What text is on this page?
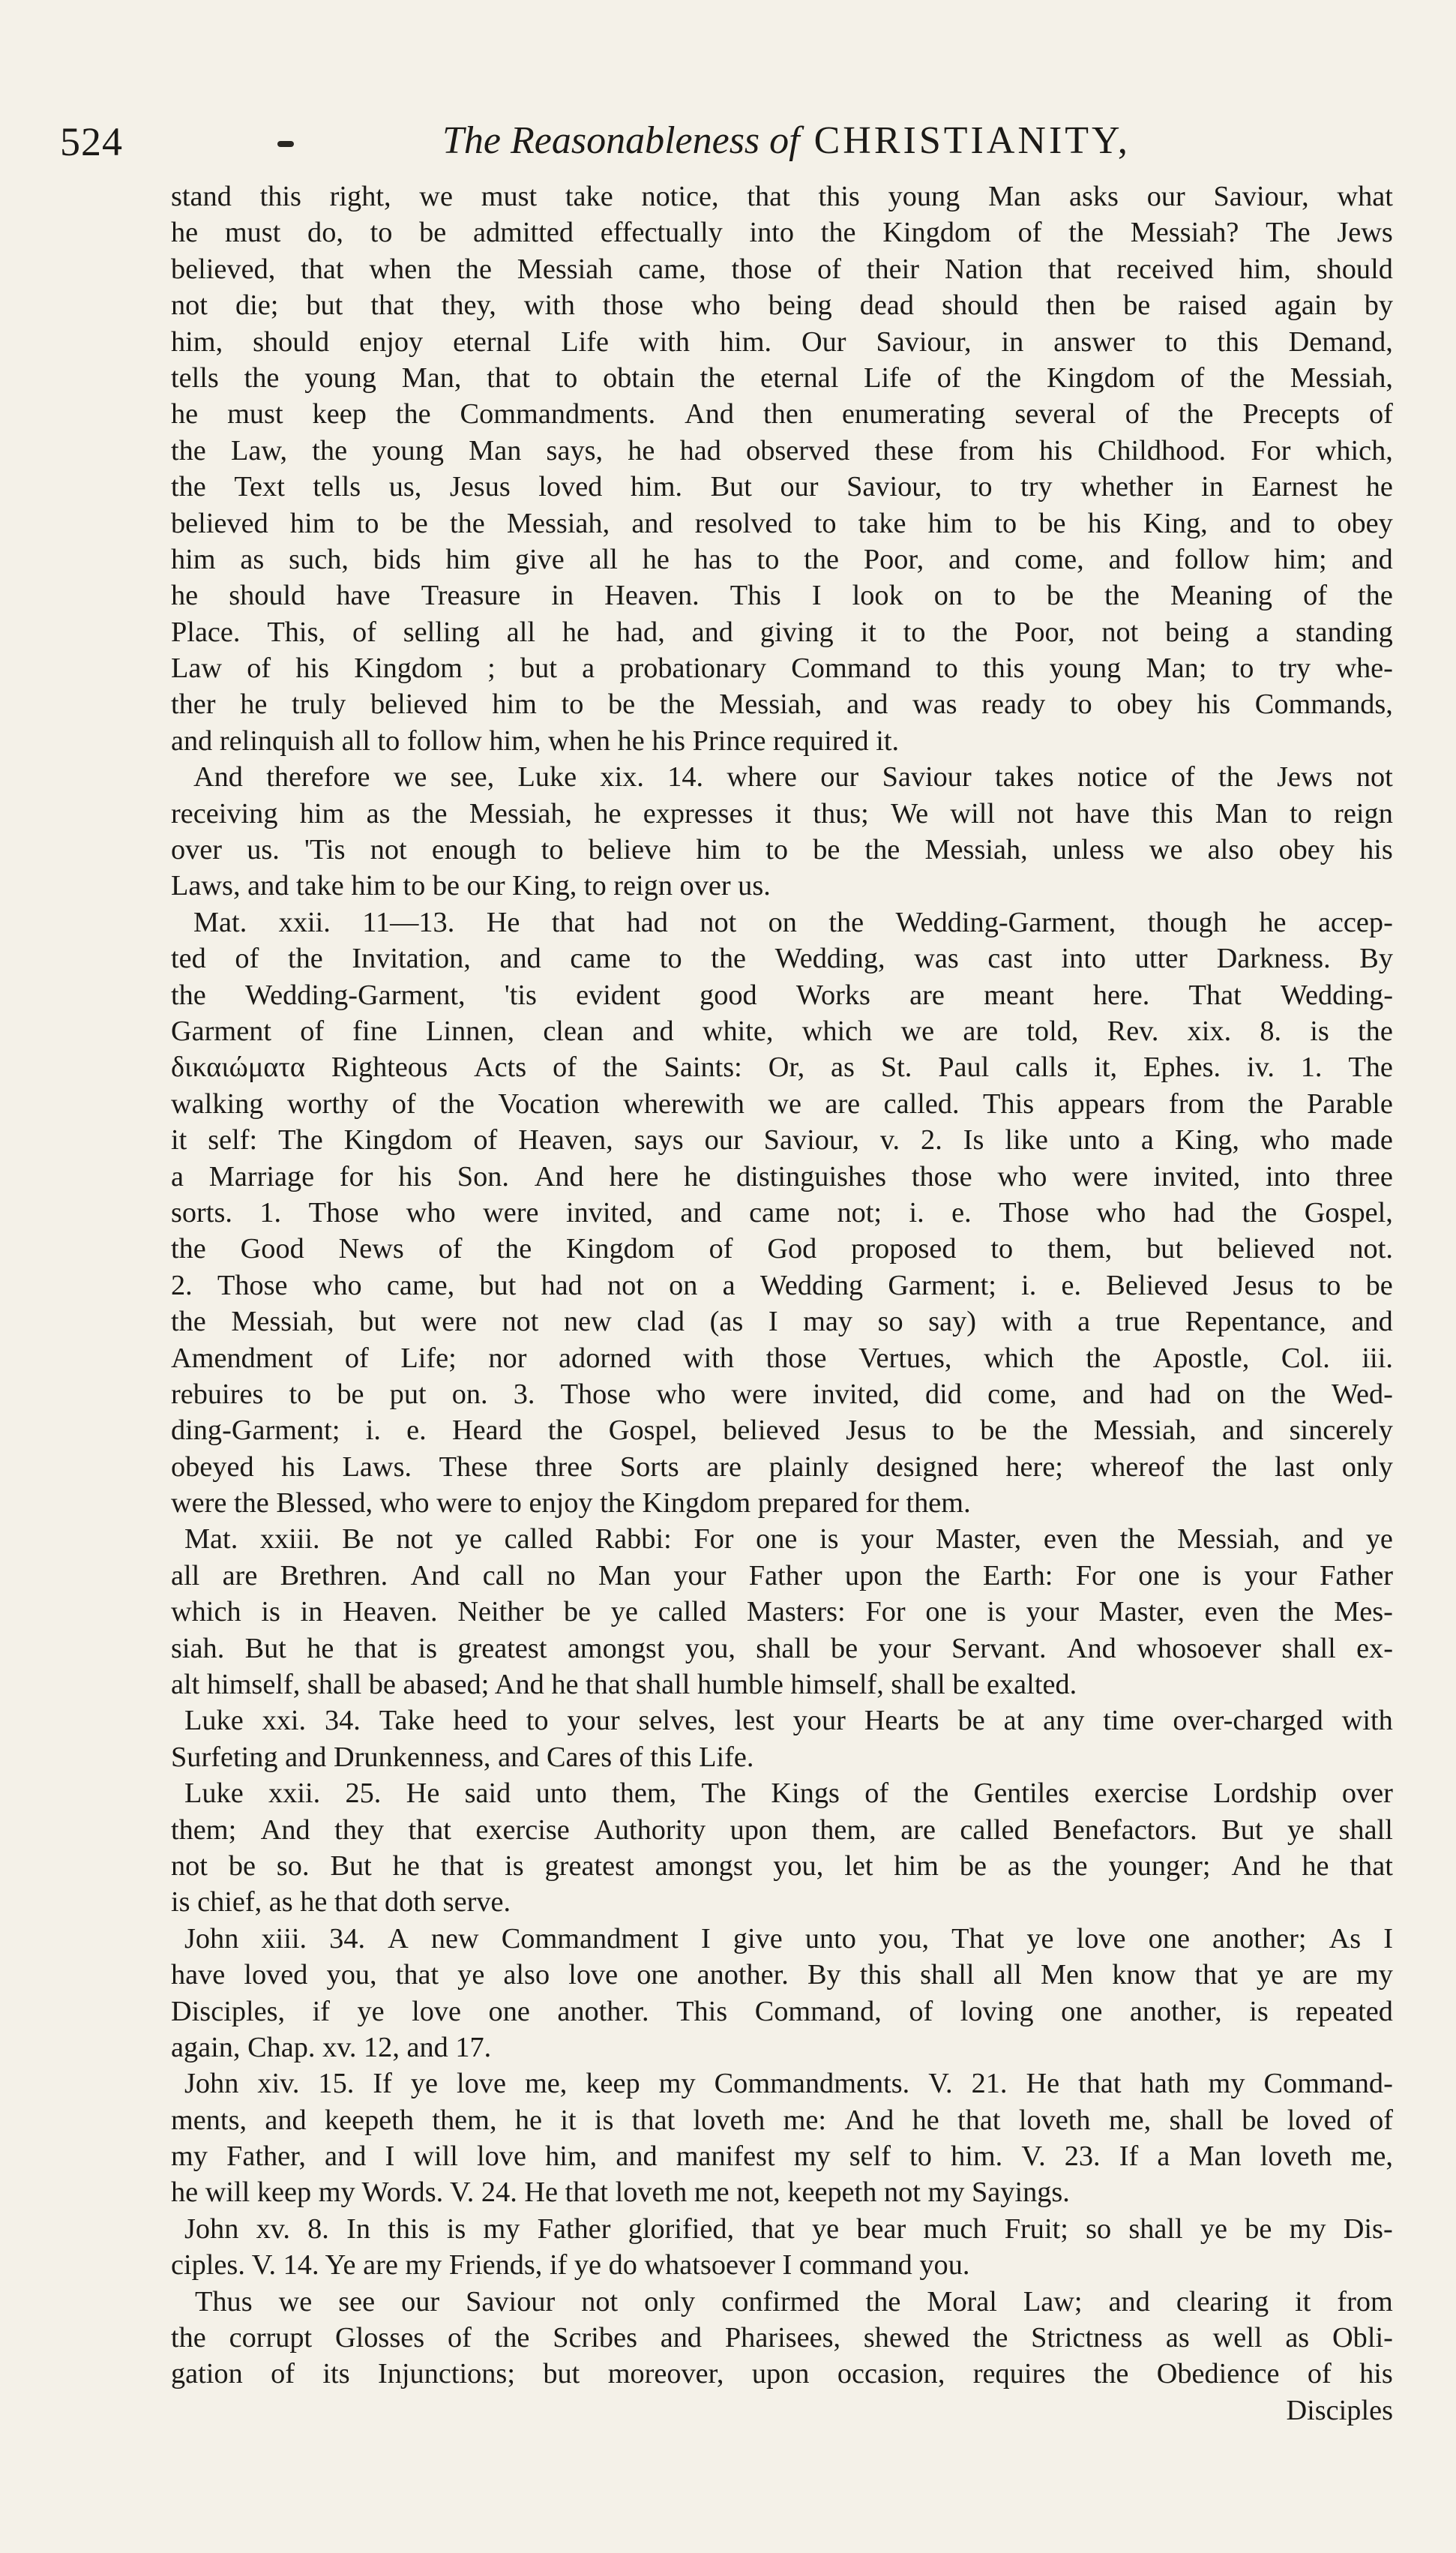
524	The Reasonableness of CHRISTIANITY,
stand this right, we must take notice, that this young Man asks our Saviour, what
he must do, to be admitted effectually into the Kingdom of the Messiah? The Jews
believed, that when the Messiah came, those of their Nation that received him, should
not die; but that they, with those who being dead should then be raised again by
him, should enjoy eternal Life with him. Our Saviour, in answer to this Demand,
tells the young Man, that to obtain the eternal Life of the Kingdom of the Messiah,
he must keep the Commandments. And then enumerating several of the Precepts of
the Law, the young Man says, he had observed these from his Childhood. For which,
the Text tells us, Jesus loved him. But our Saviour, to try whether in Earnest he
believed him to be the Messiah, and resolved to take him to be his King, and to obey
him as such, bids him give all he has to the Poor, and come, and follow him; and
he should have Treasure in Heaven. This I look on to be the Meaning of the
Place. This, of selling all he had, and giving it to the Poor, not being a standing
Law of his Kingdom ; but a probationary Command to this young Man; to try whe-
ther he truly believed him to be the Messiah, and was ready to obey his Commands,
and relinquish all to follow him, when he his Prince required it.
And therefore we see, Luke xix. 14. where our Saviour takes notice of the Jews not
receiving him as the Messiah, he expresses it thus; We will not have this Man to reign
over us. 'Tis not enough to believe him to be the Messiah, unless we also obey his
Laws, and take him to be our King, to reign over us.
Mat. xxii. 11—13. He that had not on the Wedding-Garment, though he accep-
ted of the Invitation, and came to the Wedding, was cast into utter Darkness. By
the Wedding-Garment, 'tis evident good Works are meant here. That Wedding-
Garment of fine Linnen, clean and white, which we are told, Rev. xix. 8. is the
δικαιώματα Righteous Acts of the Saints: Or, as St. Paul calls it, Ephes. iv. 1. The
walking worthy of the Vocation wherewith we are called. This appears from the Parable
it self: The Kingdom of Heaven, says our Saviour, v. 2. Is like unto a King, who made
a Marriage for his Son. And here he distinguishes those who were invited, into three
sorts. 1. Those who were invited, and came not; i. e. Those who had the Gospel,
the Good News of the Kingdom of God proposed to them, but believed not.
2. Those who came, but had not on a Wedding Garment; i. e. Believed Jesus to be
the Messiah, but were not new clad (as I may so say) with a true Repentance, and
Amendment of Life; nor adorned with those Vertues, which the Apostle, Col. iii.
rebuires to be put on. 3. Those who were invited, did come, and had on the Wed-
ding-Garment; i. e. Heard the Gospel, believed Jesus to be the Messiah, and sincerely
obeyed his Laws. These three Sorts are plainly designed here; whereof the last only
were the Blessed, who were to enjoy the Kingdom prepared for them.
Mat. xxiii. Be not ye called Rabbi: For one is your Master, even the Messiah, and ye
all are Brethren. And call no Man your Father upon the Earth: For one is your Father
which is in Heaven. Neither be ye called Masters: For one is your Master, even the Mes-
siah. But he that is greatest amongst you, shall be your Servant. And whosoever shall ex-
alt himself, shall be abased; And he that shall humble himself, shall be exalted.
Luke xxi. 34. Take heed to your selves, lest your Hearts be at any time over-charged with
Surfeting and Drunkenness, and Cares of this Life.
Luke xxii. 25. He said unto them, The Kings of the Gentiles exercise Lordship over
them; And they that exercise Authority upon them, are called Benefactors. But ye shall
not be so. But he that is greatest amongst you, let him be as the younger; And he that
is chief, as he that doth serve.
John xiii. 34. A new Commandment I give unto you, That ye love one another; As I
have loved you, that ye also love one another. By this shall all Men know that ye are my
Disciples, if ye love one another. This Command, of loving one another, is repeated
again, Chap. xv. 12, and 17.
John xiv. 15. If ye love me, keep my Commandments. V. 21. He that hath my Command-
ments, and keepeth them, he it is that loveth me: And he that loveth me, shall be loved of
my Father, and I will love him, and manifest my self to him. V. 23. If a Man loveth me,
he will keep my Words. V. 24. He that loveth me not, keepeth not my Sayings.
John xv. 8. In this is my Father glorified, that ye bear much Fruit; so shall ye be my Dis-
ciples. V. 14. Ye are my Friends, if ye do whatsoever I command you.
Thus we see our Saviour not only confirmed the Moral Law; and clearing it from
the corrupt Glosses of the Scribes and Pharisees, shewed the Strictness as well as Obli-
gation of its Injunctions; but moreover, upon occasion, requires the Obedience of his
Disciples
